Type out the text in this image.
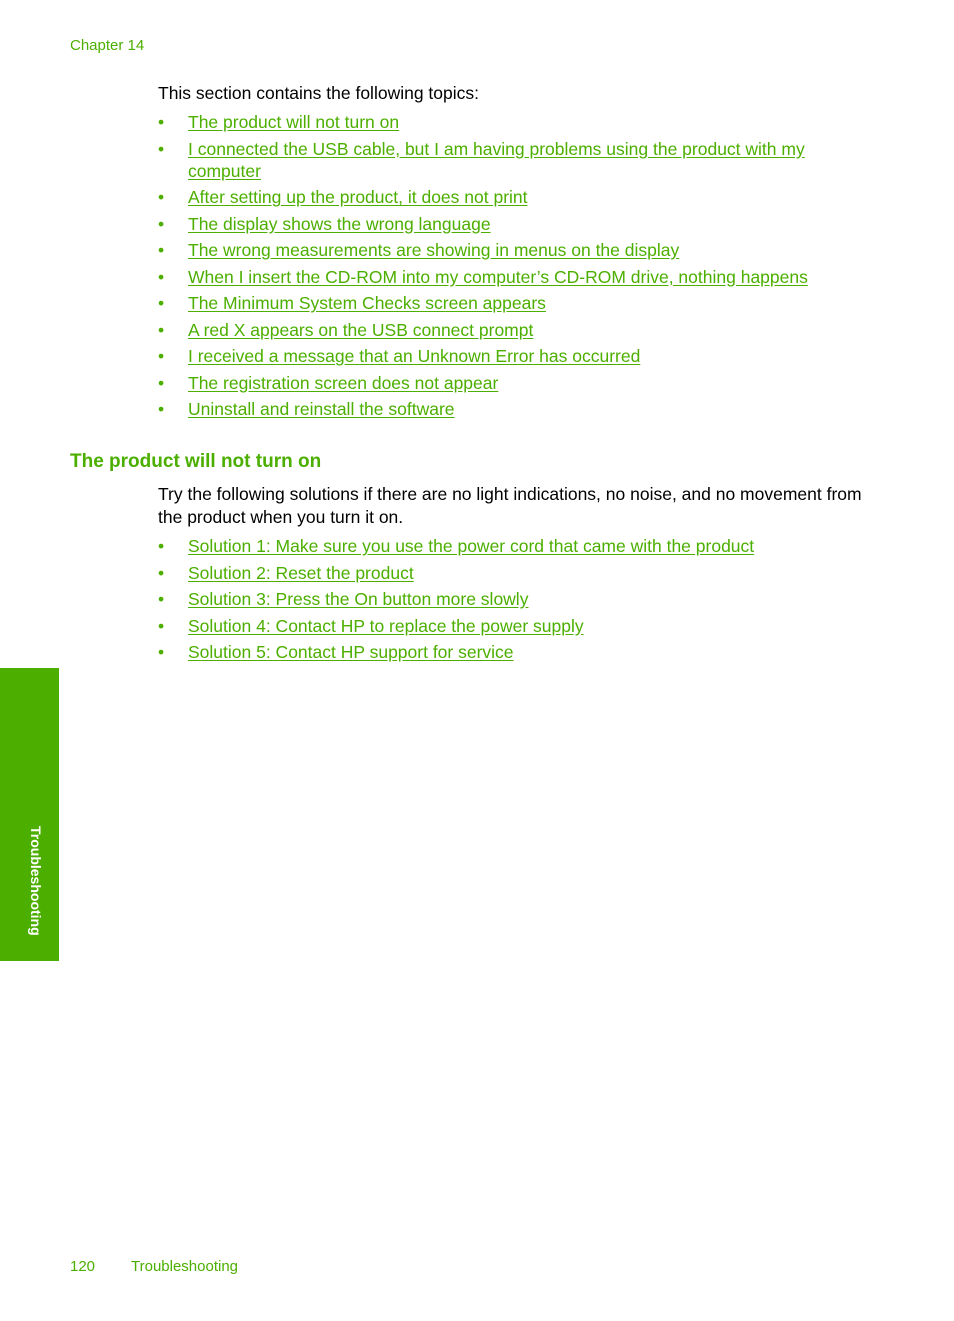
Chapter 14
This section contains the following topics:
• The product will not turn on
• I connected the USB cable, but I am having problems using the product with my computer
• After setting up the product, it does not print
• The display shows the wrong language
• The wrong measurements are showing in menus on the display
• When I insert the CD-ROM into my computer’s CD-ROM drive, nothing happens
• The Minimum System Checks screen appears
• A red X appears on the USB connect prompt
• I received a message that an Unknown Error has occurred
• The registration screen does not appear
• Uninstall and reinstall the software
The product will not turn on
Try the following solutions if there are no light indications, no noise, and no movement from the product when you turn it on.
• Solution 1: Make sure you use the power cord that came with the product
• Solution 2: Reset the product
• Solution 3: Press the On button more slowly
• Solution 4: Contact HP to replace the power supply
• Solution 5: Contact HP support for service
Troubleshooting
120 Troubleshooting
